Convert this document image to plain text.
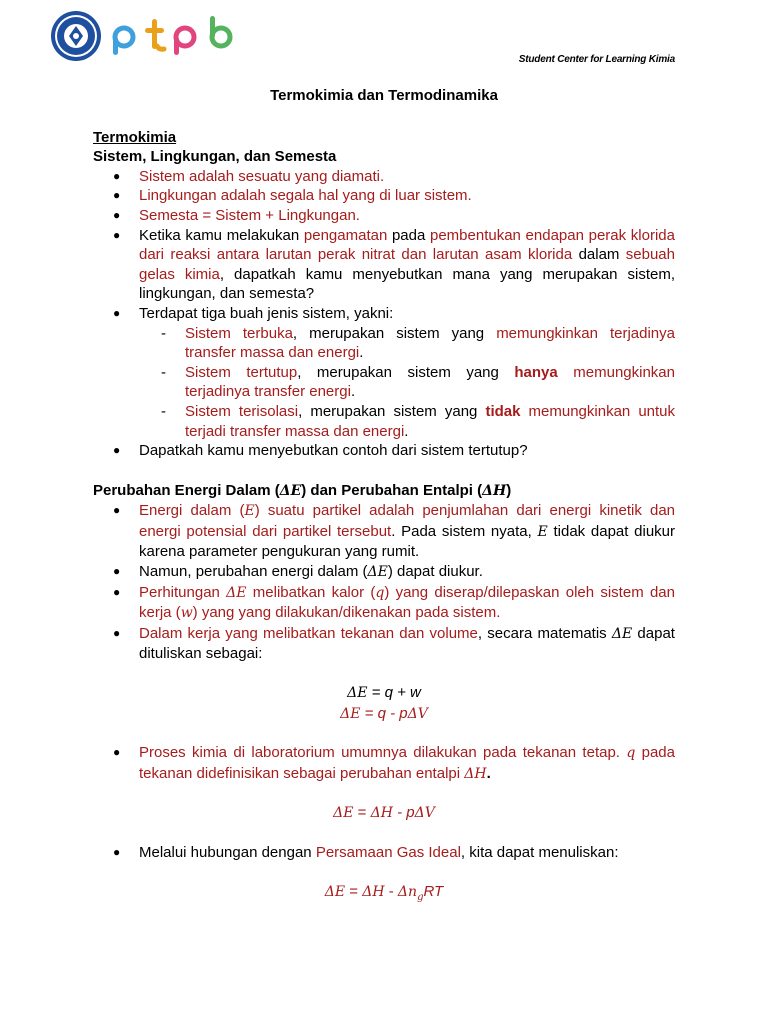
Student Center for Learning Kimia

Termokimia dan Termodinamika

Termokimia

Sistem, Lingkungan, dan Semesta

● Sistem adalah sesuatu yang diamati.
● Lingkungan adalah segala hal yang di luar sistem.
● Semesta = Sistem + Lingkungan.
● Ketika kamu melakukan pengamatan pada pembentukan endapan perak klorida dari reaksi antara larutan perak nitrat dan larutan asam klorida dalam sebuah gelas kimia, dapatkah kamu menyebutkan mana yang merupakan sistem, lingkungan, dan semesta?
● Terdapat tiga buah jenis sistem, yakni:
- Sistem terbuka, merupakan sistem yang memungkinkan terjadinya transfer massa dan energi.
- Sistem tertutup, merupakan sistem yang hanya memungkinkan terjadinya transfer energi.
- Sistem terisolasi, merupakan sistem yang tidak memungkinkan untuk terjadi transfer massa dan energi.
● Dapatkah kamu menyebutkan contoh dari sistem tertutup?

Perubahan Energi Dalam (ΔE) dan Perubahan Entalpi (ΔH)

● Energi dalam (E) suatu partikel adalah penjumlahan dari energi kinetik dan energi potensial dari partikel tersebut. Pada sistem nyata, E tidak dapat diukur karena parameter pengukuran yang rumit.
● Namun, perubahan energi dalam (ΔE) dapat diukur.
● Perhitungan ΔE melibatkan kalor (q) yang diserap/dilepaskan oleh sistem dan kerja (w) yang yang dilakukan/dikenakan pada sistem.
● Dalam kerja yang melibatkan tekanan dan volume, secara matematis ΔE dapat dituliskan sebagai:

ΔE = q + w

ΔE = q - pΔV

● Proses kimia di laboratorium umumnya dilakukan pada tekanan tetap. q pada tekanan didefinisikan sebagai perubahan entalpi ΔH.

ΔE = ΔH - pΔV

● Melalui hubungan dengan Persamaan Gas Ideal, kita dapat menuliskan:

$\Delta E = \Delta H - \Delta n_gRT$
